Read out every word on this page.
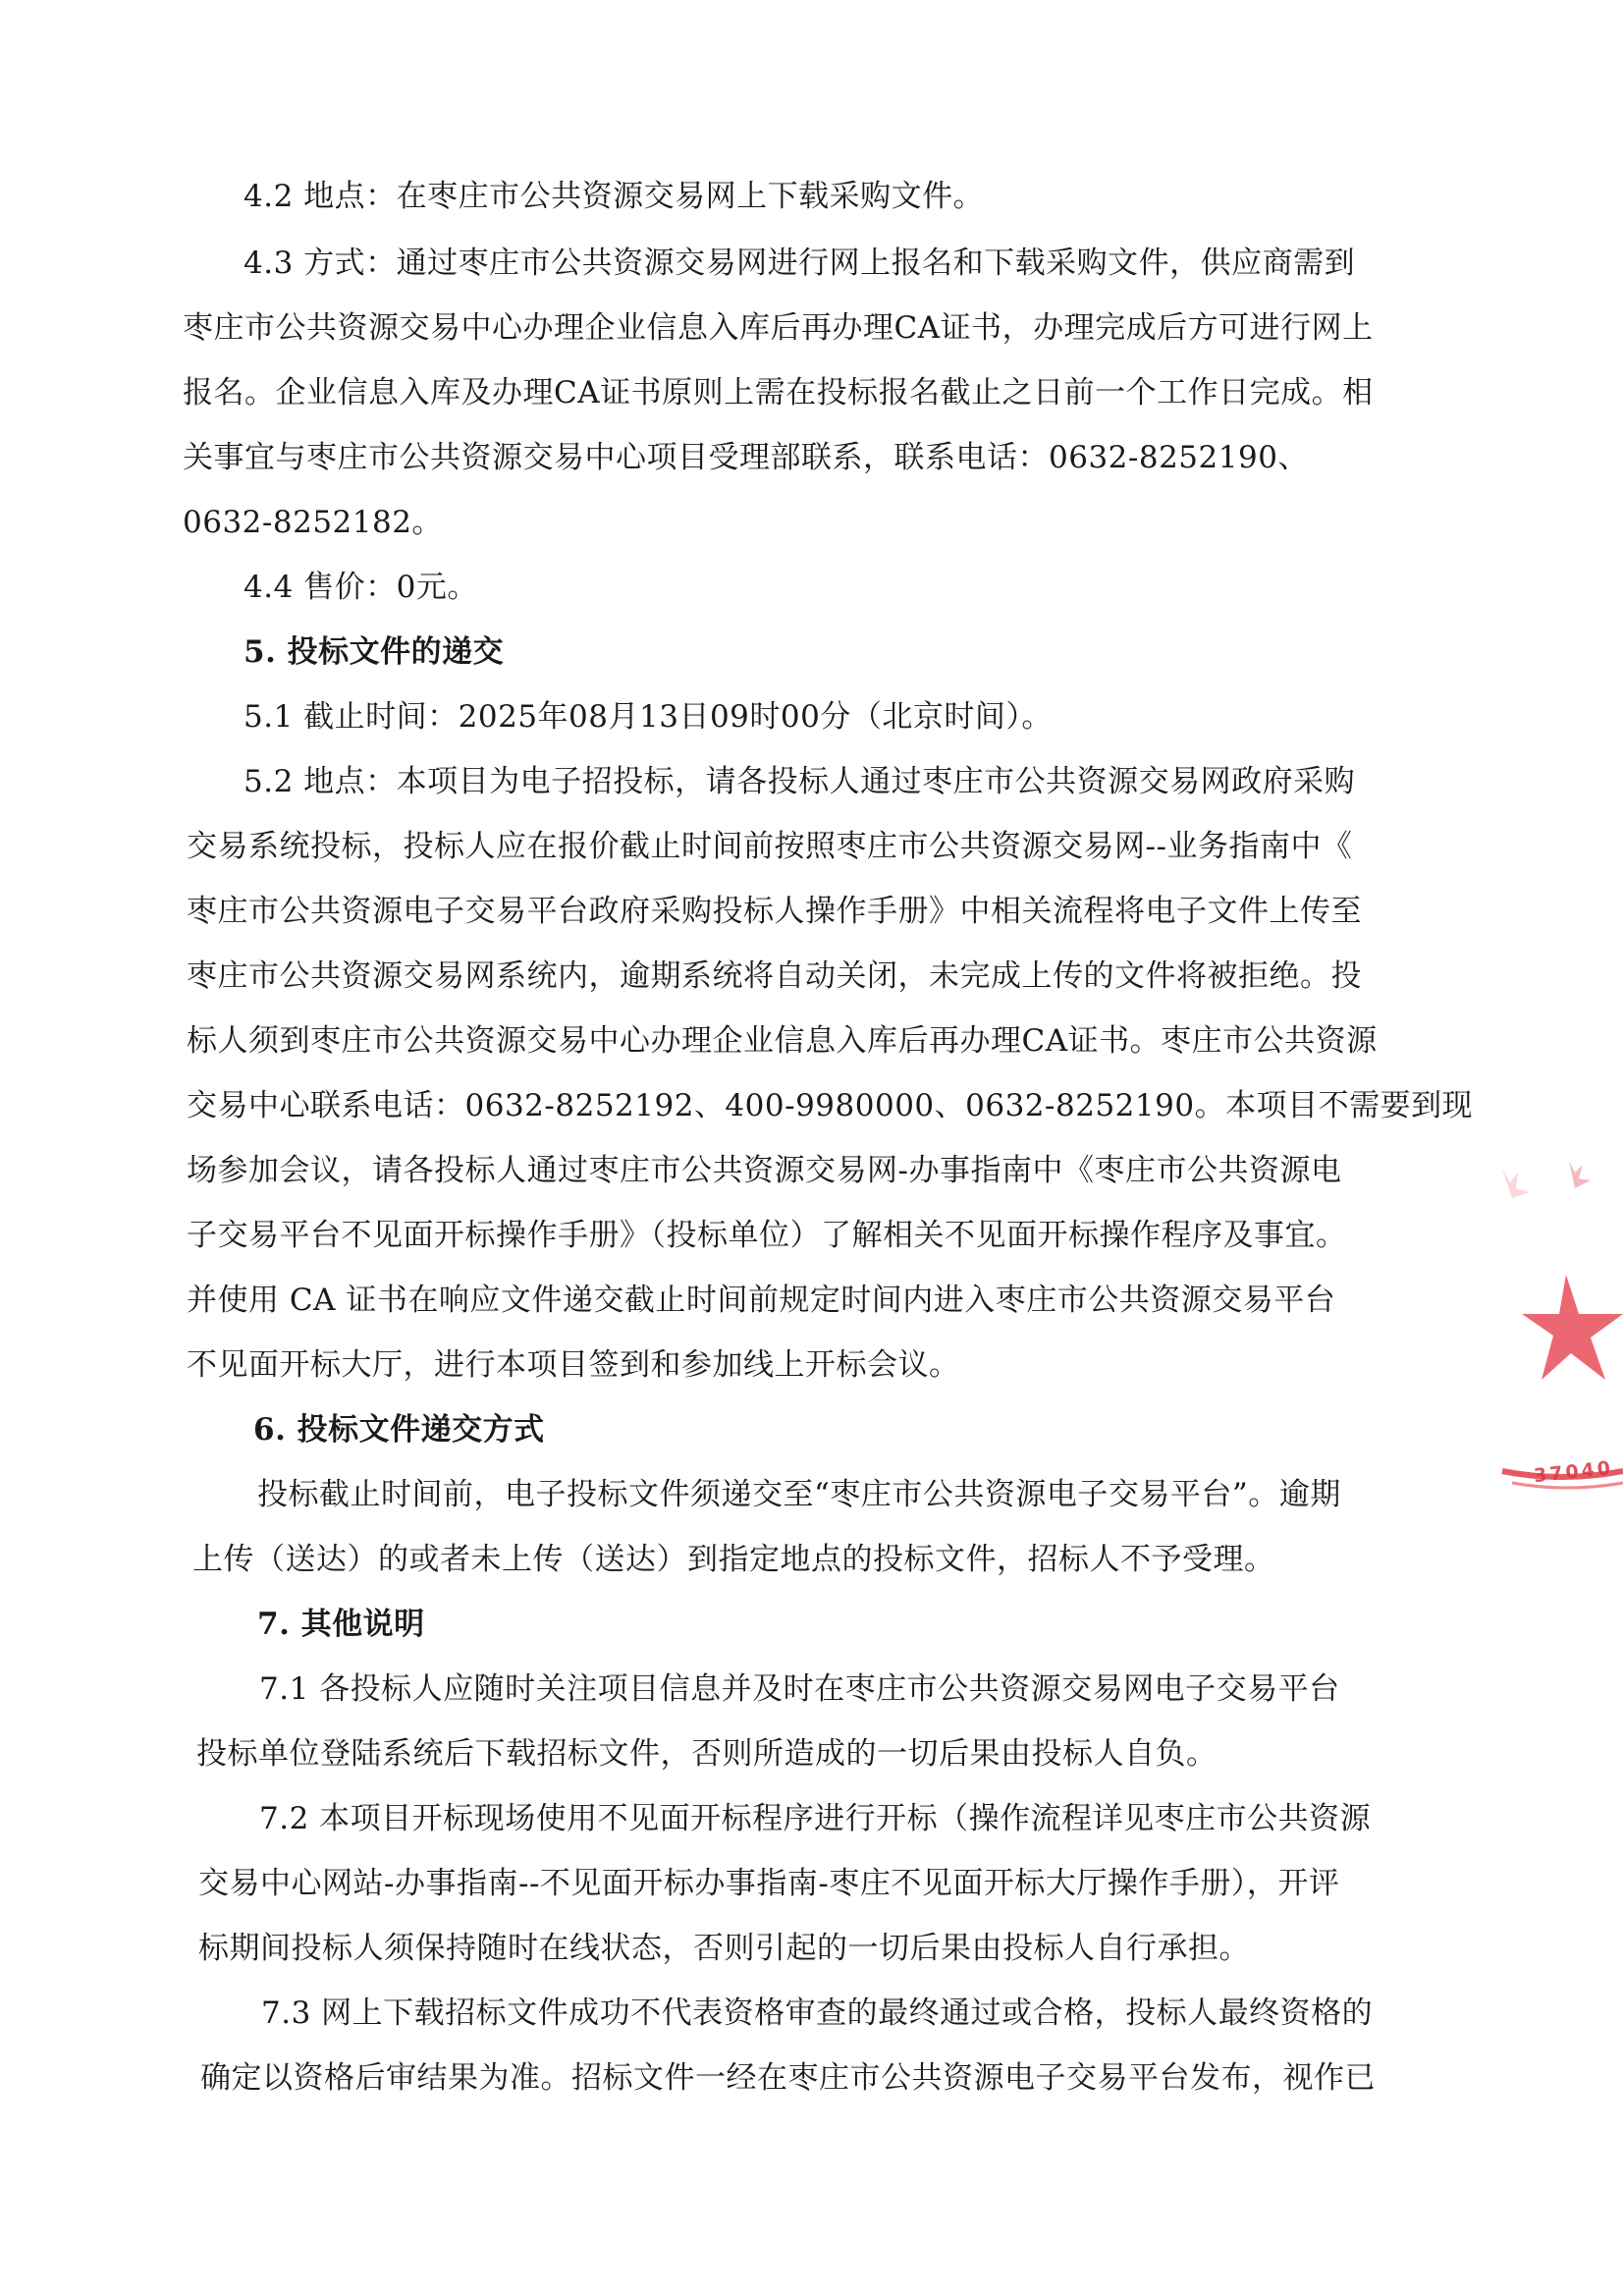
4.2 地点：在枣庄市公共资源交易网上下载采购文件。
4.3 方式：通过枣庄市公共资源交易网进行网上报名和下载采购文件，供应商需到
枣庄市公共资源交易中心办理企业信息入库后再办理CA证书，办理完成后方可进行网上
报名。企业信息入库及办理CA证书原则上需在投标报名截止之日前一个工作日完成。相
关事宜与枣庄市公共资源交易中心项目受理部联系，联系电话：0632-8252190、
0632-8252182。
4.4 售价：0元。
5. 投标文件的递交
5.1 截止时间：2025年08月13日09时00分（北京时间）。
5.2 地点：本项目为电子招投标，请各投标人通过枣庄市公共资源交易网政府采购
交易系统投标，投标人应在报价截止时间前按照枣庄市公共资源交易网--业务指南中《
枣庄市公共资源电子交易平台政府采购投标人操作手册》中相关流程将电子文件上传至
枣庄市公共资源交易网系统内，逾期系统将自动关闭，未完成上传的文件将被拒绝。投
标人须到枣庄市公共资源交易中心办理企业信息入库后再办理CA证书。枣庄市公共资源
交易中心联系电话：0632-8252192、400-9980000、0632-8252190。本项目不需要到现
场参加会议，请各投标人通过枣庄市公共资源交易网-办事指南中《枣庄市公共资源电
子交易平台不见面开标操作手册》（投标单位）了解相关不见面开标操作程序及事宜。
并使用 CA 证书在响应文件递交截止时间前规定时间内进入枣庄市公共资源交易平台
不见面开标大厅，进行本项目签到和参加线上开标会议。
6. 投标文件递交方式
投标截止时间前，电子投标文件须递交至“枣庄市公共资源电子交易平台”。逾期
上传（送达）的或者未上传（送达）到指定地点的投标文件，招标人不予受理。
7. 其他说明
7.1 各投标人应随时关注项目信息并及时在枣庄市公共资源交易网电子交易平台
投标单位登陆系统后下载招标文件，否则所造成的一切后果由投标人自负。
7.2 本项目开标现场使用不见面开标程序进行开标（操作流程详见枣庄市公共资源
交易中心网站-办事指南--不见面开标办事指南-枣庄不见面开标大厅操作手册），开评
标期间投标人须保持随时在线状态，否则引起的一切后果由投标人自行承担。
7.3 网上下载招标文件成功不代表资格审查的最终通过或合格，投标人最终资格的
确定以资格后审结果为准。招标文件一经在枣庄市公共资源电子交易平台发布，视作已
37040
